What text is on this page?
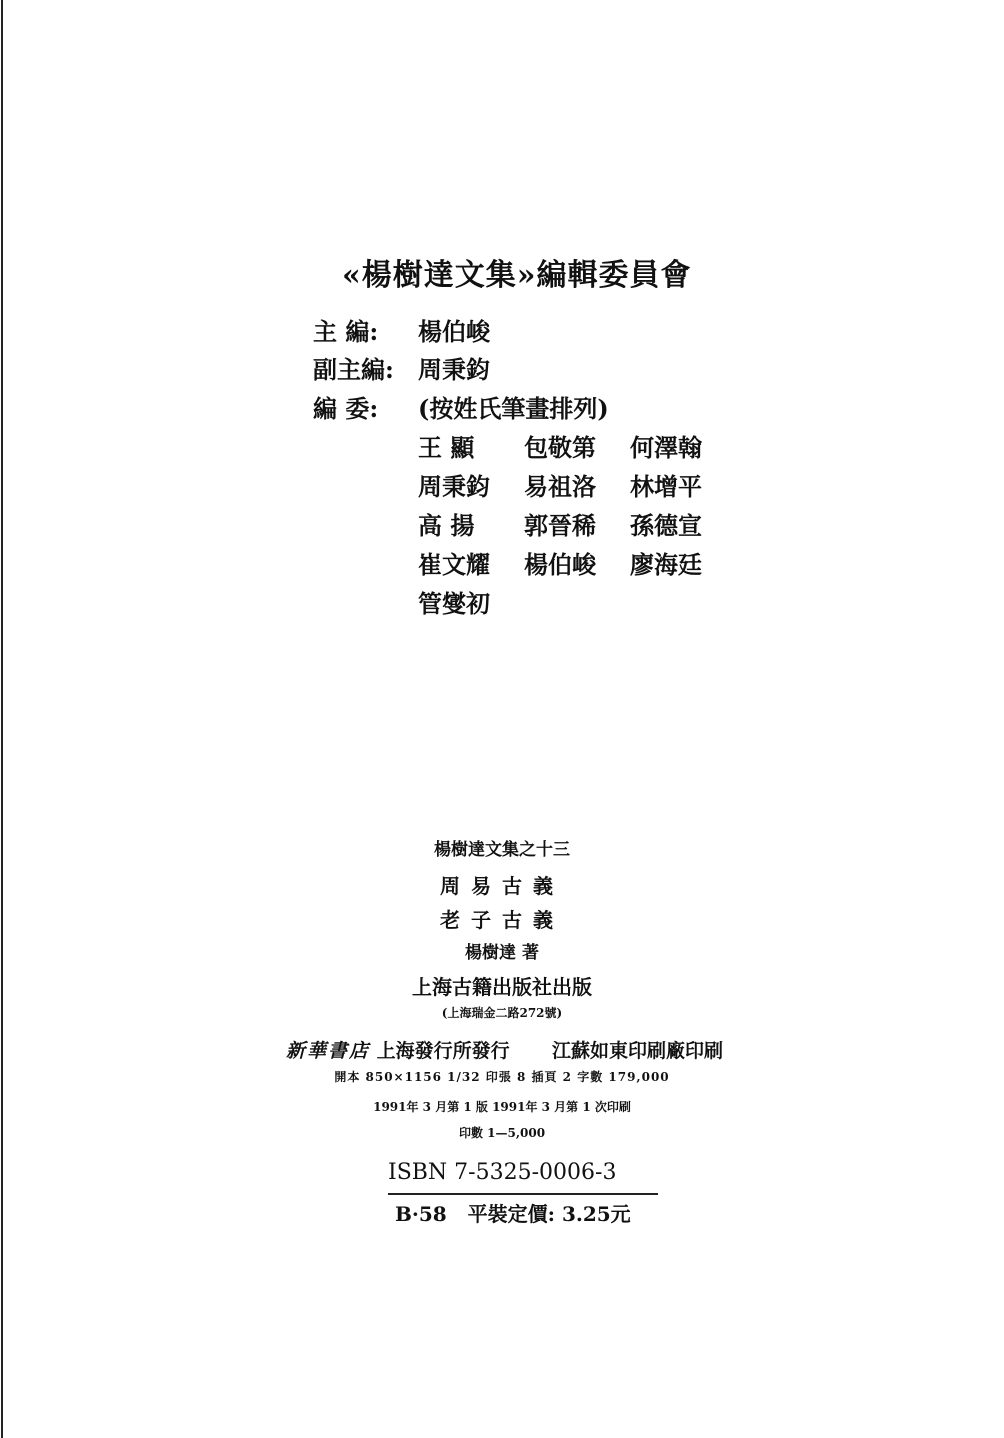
«楊樹達文集»編輯委員會
主 編: 楊伯峻
副主編: 周秉鈞
編 委: (按姓氏筆畫排列)
王 顯 包敬第 何澤翰
周秉鈞 易祖洛 林增平
高 揚 郭晉稀 孫德宣
崔文耀 楊伯峻 廖海廷
管燮初
楊樹達文集之十三
周易古義
老子古義
楊樹達 著
上海古籍出版社出版
(上海瑞金二路272號)
新華書店 上海發行所發行 江蘇如東印刷廠印刷
開本 850×1156 1/32 印張 8 插頁 2 字數 179,000
1991年 3 月第 1 版 1991年 3 月第 1 次印刷
印數 1—5,000
ISBN 7-5325-0006-3
B·58 平裝定價: 3.25元
